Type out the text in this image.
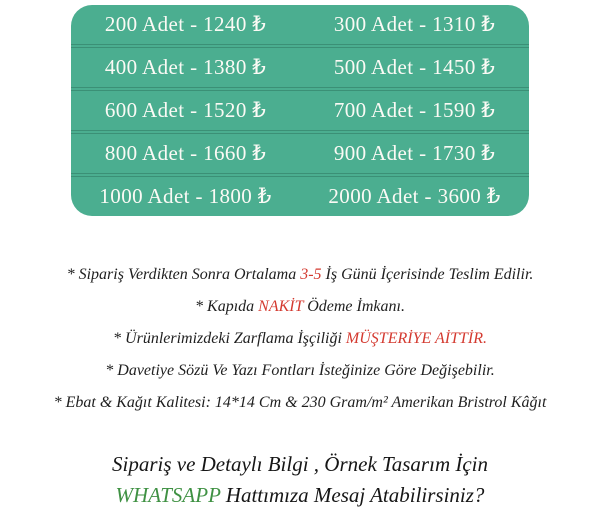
200 Adet - 1240 ₺	300 Adet - 1310 ₺
400 Adet - 1380 ₺	500 Adet - 1450 ₺
600 Adet - 1520 ₺	700 Adet - 1590 ₺
800 Adet - 1660 ₺	900 Adet - 1730 ₺
1000 Adet - 1800 ₺	2000 Adet - 3600 ₺
* Sipariş Verdikten Sonra Ortalama 3-5 İş Günü İçerisinde Teslim Edilir.
* Kapıda NAKİT Ödeme İmkanı.
* Ürünlerimizdeki Zarflama İşçiliği MÜŞTERİYE AİTTİR.
* Davetiye Sözü Ve Yazı Fontları İsteğinize Göre Değişebilir.
* Ebat & Kağıt Kalitesi: 14*14 Cm & 230 Gram/m² Amerikan Bristrol Kâğıt
Sipariş ve Detaylı Bilgi , Örnek Tasarım İçin
WHATSAPP Hattımıza Mesaj Atabilirsiniz?
